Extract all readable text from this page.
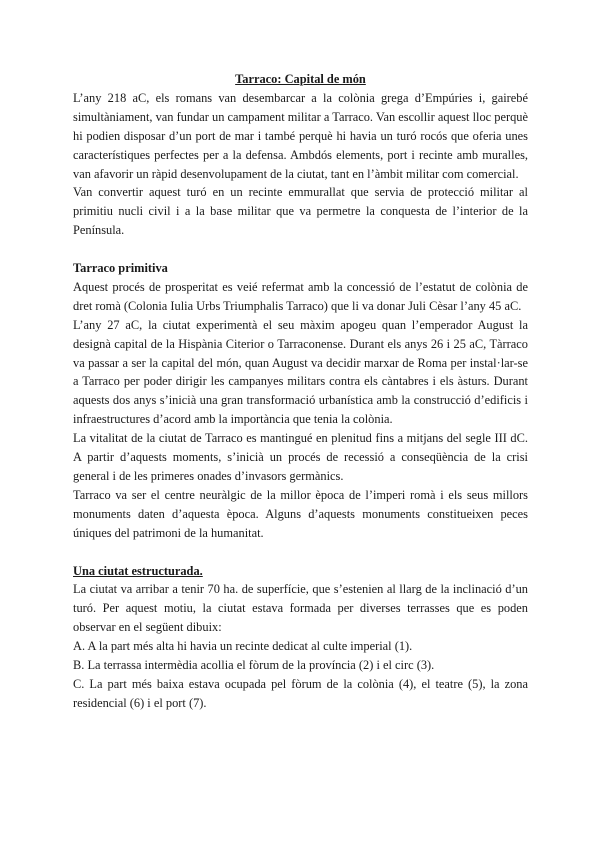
Tarraco: Capital de món

L’any 218 aC, els romans van desembarcar a la colònia grega d’Empúries i, gairebé simultàniament, van fundar un campament militar a Tarraco. Van escollir aquest lloc perquè hi podien disposar d’un port de mar i també perquè hi havia un turó rocós que oferia unes característiques perfectes per a la defensa. Ambdós elements, port i recinte amb muralles, van afavorir un ràpid desenvolupament de la ciutat, tant en l’àmbit militar com comercial.

Van convertir aquest turó en un recinte emmurallat que servia de protecció militar al primitiu nucli civil i a la base militar que va permetre la conquesta de l’interior de la Península.

Tarraco primitiva

Aquest procés de prosperitat es veié refermat amb la concessió de l’estatut de colònia de dret romà (Colonia Iulia Urbs Triumphalis Tarraco) que li va donar Juli Cèsar l’any 45 aC.

L’any 27 aC, la ciutat experimentà el seu màxim apogeu quan l’emperador August la designà capital de la Hispània Citerior o Tarraconense. Durant els anys 26 i 25 aC, Tàrraco va passar a ser la capital del món, quan August va decidir marxar de Roma per instal·lar-se a Tarraco per poder dirigir les campanyes militars contra els càntabres i els àsturs. Durant aquests dos anys s’inicià una gran transformació urbanística amb la construcció d’edificis i infraestructures d’acord amb la importància que tenia la colònia.

La vitalitat de la ciutat de Tarraco es mantingué en plenitud fins a mitjans del segle III dC. A partir d’aquests moments, s’inicià un procés de recessió a conseqüència de la crisi general i de les primeres onades d’invasors germànics.

Tarraco va ser el centre neuràlgic de la millor època de l’imperi romà i els seus millors monuments daten d’aquesta època. Alguns d’aquests monuments constitueixen peces úniques del patrimoni de la humanitat.

Una ciutat estructurada.

La ciutat va arribar a tenir 70 ha. de superfície, que s’estenien al llarg de la inclinació d’un turó. Per aquest motiu, la ciutat estava formada per diverses terrasses que es poden observar en el següent dibuix:

A. A la part més alta hi havia un recinte dedicat al culte imperial (1).

B. La terrassa intermèdia acollia el fòrum de la província (2) i el circ (3).

C. La part més baixa estava ocupada pel fòrum de la colònia (4), el teatre (5), la zona residencial (6) i el port (7).
